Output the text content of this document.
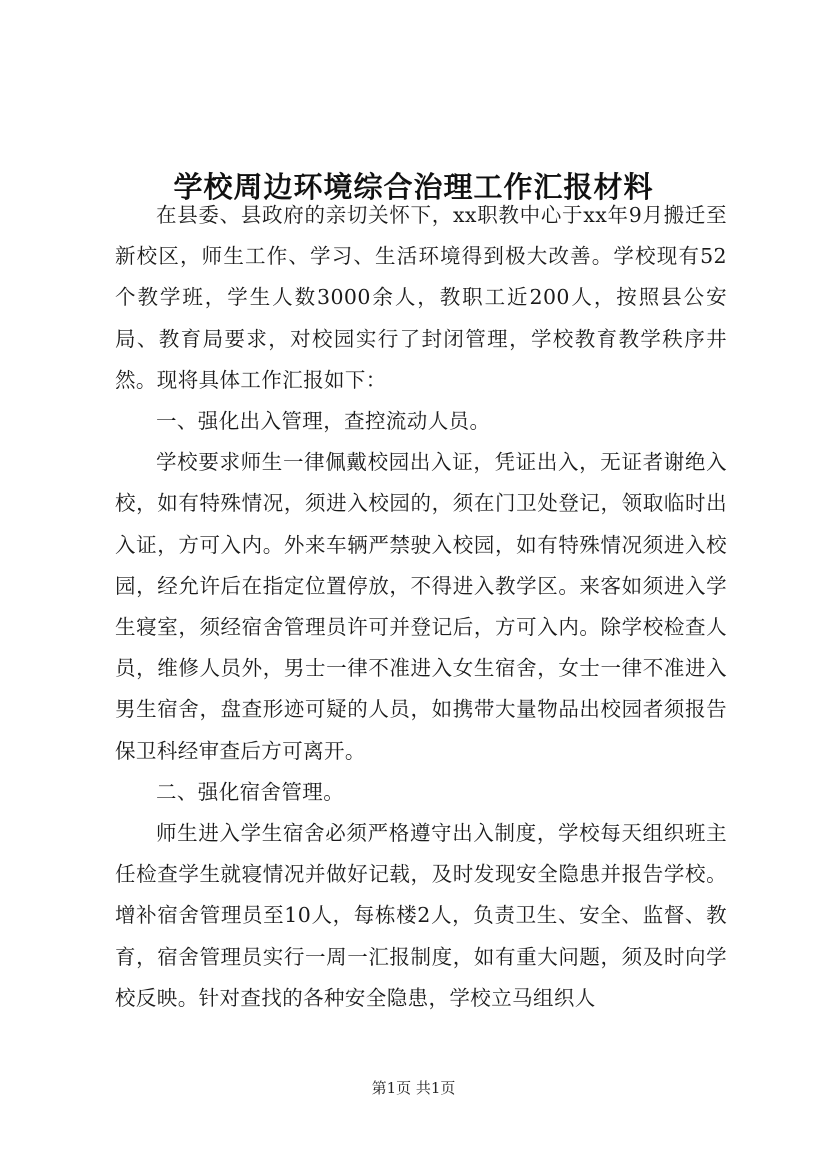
学校周边环境综合治理工作汇报材料

在县委、县政府的亲切关怀下，xx职教中心于xx年9月搬迁至新校区，师生工作、学习、生活环境得到极大改善。学校现有52个教学班，学生人数3000余人，教职工近200人，按照县公安局、教育局要求，对校园实行了封闭管理，学校教育教学秩序井然。现将具体工作汇报如下：

一、强化出入管理，查控流动人员。

学校要求师生一律佩戴校园出入证，凭证出入，无证者谢绝入校，如有特殊情况，须进入校园的，须在门卫处登记，领取临时出入证，方可入内。外来车辆严禁驶入校园，如有特殊情况须进入校园，经允许后在指定位置停放，不得进入教学区。来客如须进入学生寝室，须经宿舍管理员许可并登记后，方可入内。除学校检查人员，维修人员外，男士一律不准进入女生宿舍，女士一律不准进入男生宿舍，盘查形迹可疑的人员，如携带大量物品出校园者须报告保卫科经审查后方可离开。

二、强化宿舍管理。

师生进入学生宿舍必须严格遵守出入制度，学校每天组织班主任检查学生就寝情况并做好记载，及时发现安全隐患并报告学校。增补宿舍管理员至10人，每栋楼2人，负责卫生、安全、监督、教育，宿舍管理员实行一周一汇报制度，如有重大问题，须及时向学校反映。针对查找的各种安全隐患，学校立马组织人

第1页 共1页
